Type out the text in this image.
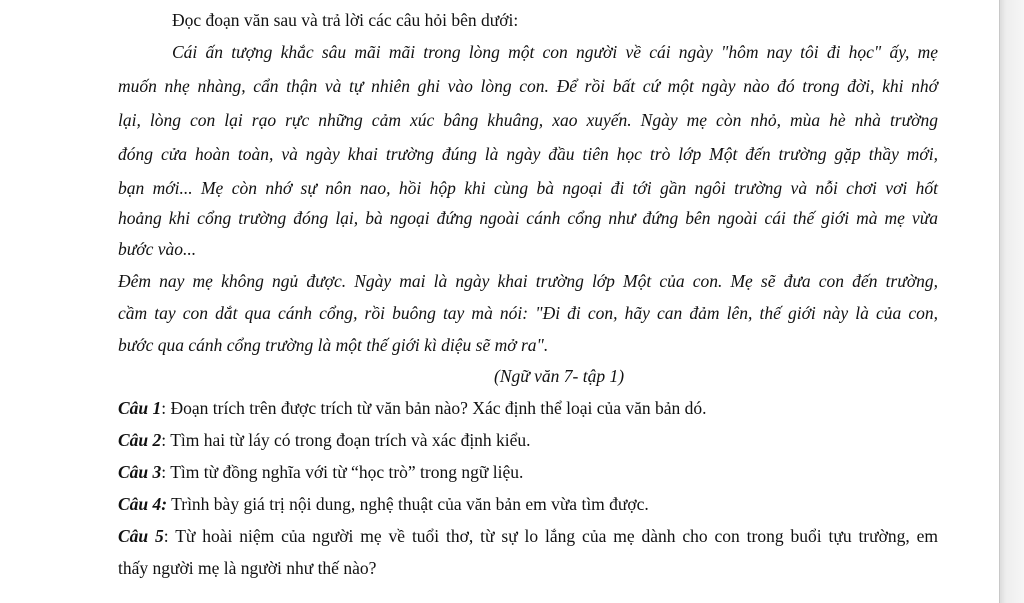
Đọc đoạn văn sau và trả lời các câu hỏi bên dưới:
Cái ấn tượng khắc sâu mãi mãi trong lòng một con người về cái ngày "hôm nay tôi đi học" ấy, mẹ
muốn nhẹ nhàng, cẩn thận và tự nhiên ghi vào lòng con. Để rồi bất cứ một ngày nào đó trong đời, khi nhớ
lại, lòng con lại rạo rực những cảm xúc bâng khuâng, xao xuyến. Ngày mẹ còn nhỏ, mùa hè nhà trường
đóng cửa hoàn toàn, và ngày khai trường đúng là ngày đầu tiên học trò lớp Một đến trường gặp thầy mới,
bạn mới... Mẹ còn nhớ sự nôn nao, hồi hộp khi cùng bà ngoại đi tới gần ngôi trường và nỗi chơi vơi hốt
hoảng khi cổng trường đóng lại, bà ngoại đứng ngoài cánh cổng như đứng bên ngoài cái thế giới mà mẹ vừa
bước vào...
Đêm nay mẹ không ngủ được. Ngày mai là ngày khai trường lớp Một của con. Mẹ sẽ đưa con đến trường,
cầm tay con dắt qua cánh cổng, rồi buông tay mà nói: "Đi đi con, hãy can đảm lên, thế giới này là của con,
bước qua cánh cổng trường là một thế giới kì diệu sẽ mở ra".
(Ngữ văn 7- tập 1)
Câu 1: Đoạn trích trên được trích từ văn bản nào? Xác định thể loại của văn bản dó.
Câu 2: Tìm hai từ láy có trong đoạn trích và xác định kiểu.
Câu 3: Tìm từ đồng nghĩa với từ “học trò” trong ngữ liệu.
Câu 4: Trình bày giá trị nội dung, nghệ thuật của văn bản em vừa tìm được.
Câu 5: Từ hoài niệm của người mẹ về tuổi thơ, từ sự lo lắng của mẹ dành cho con trong buổi tựu trường, em
thấy người mẹ là người như thế nào?
